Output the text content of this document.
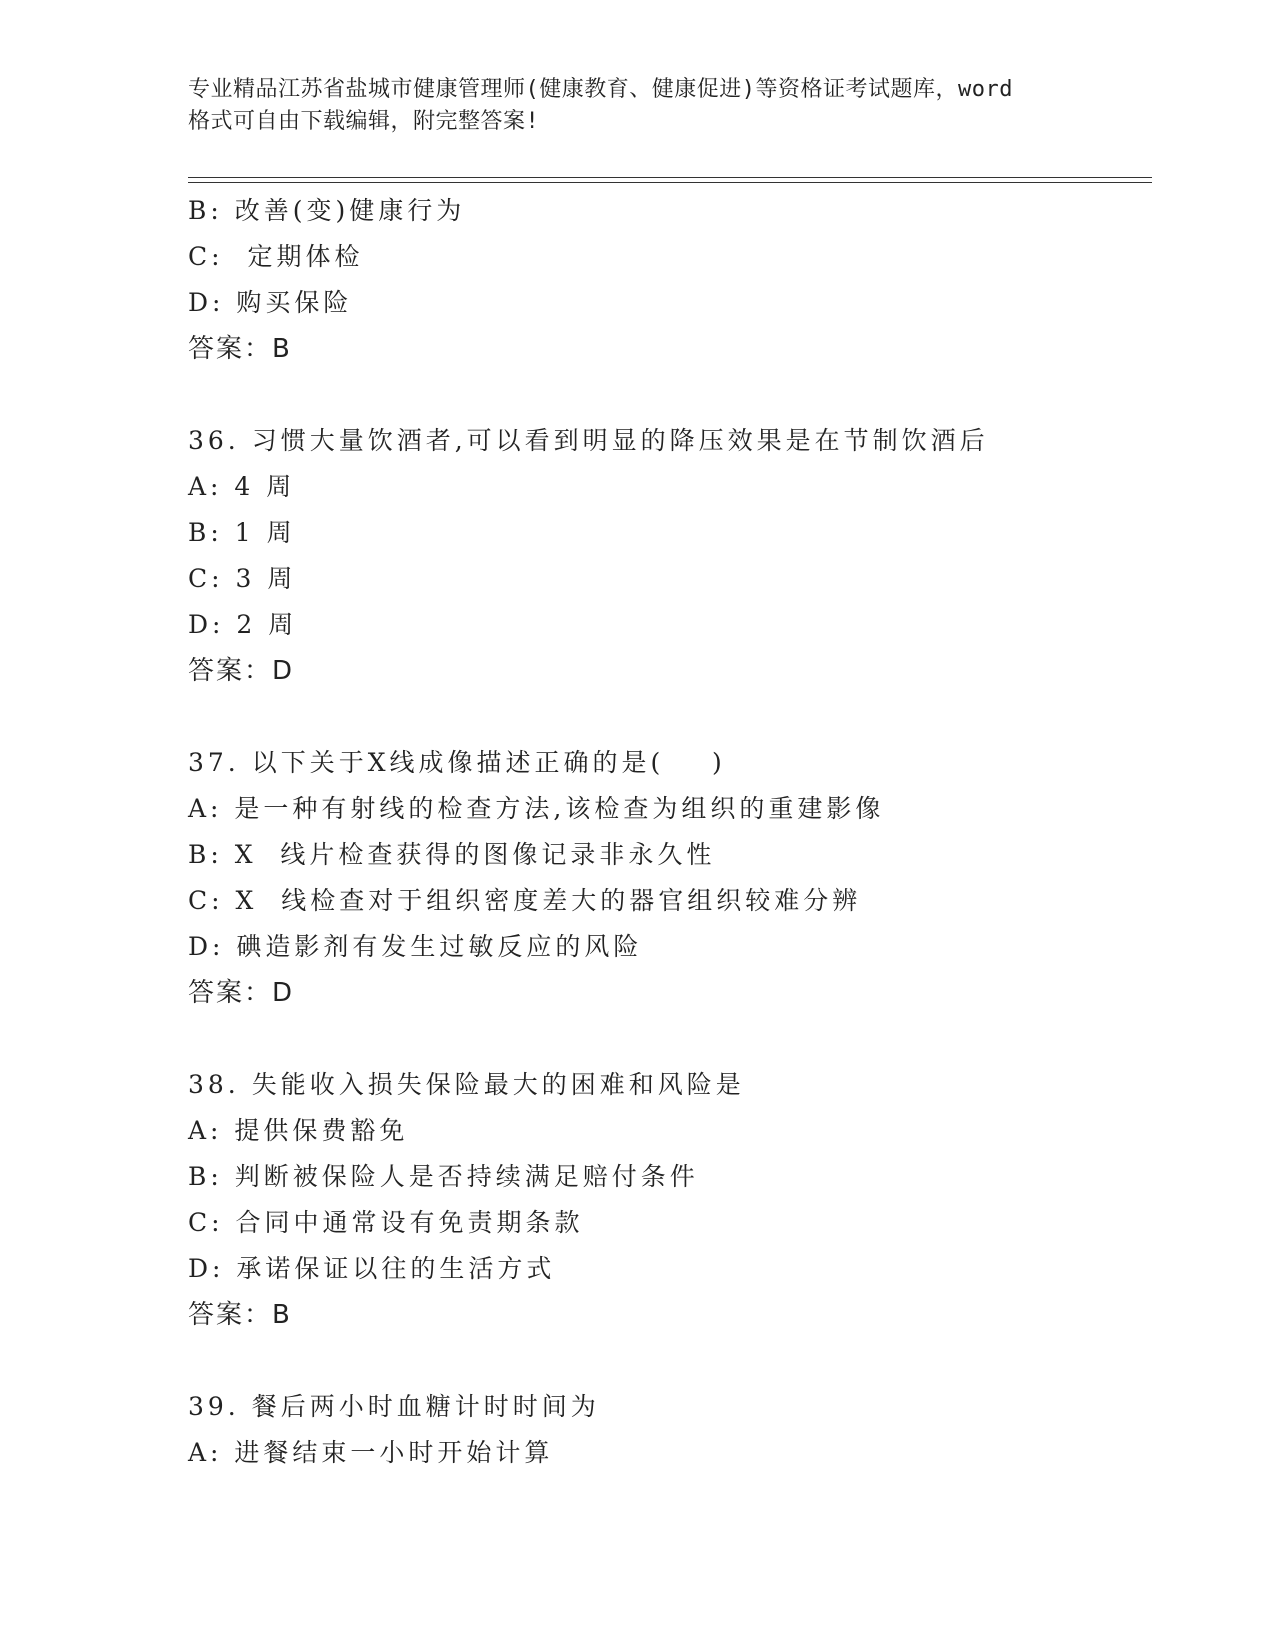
专业精品江苏省盐城市健康管理师(健康教育、健康促进)等资格证考试题库，word
格式可自由下载编辑，附完整答案!
B: 改善(变)健康行为
C:  定期体检
D: 购买保险
答案：B
36. 习惯大量饮酒者,可以看到明显的降压效果是在节制饮酒后
A: 4 周
B: 1 周
C: 3 周
D: 2 周
答案：D
37. 以下关于X线成像描述正确的是(    )
A: 是一种有射线的检查方法,该检查为组织的重建影像
B: X  线片检查获得的图像记录非永久性
C: X  线检查对于组织密度差大的器官组织较难分辨
D: 碘造影剂有发生过敏反应的风险
答案：D
38. 失能收入损失保险最大的困难和风险是
A: 提供保费豁免
B: 判断被保险人是否持续满足赔付条件
C: 合同中通常设有免责期条款
D: 承诺保证以往的生活方式
答案：B
39. 餐后两小时血糖计时时间为
A: 进餐结束一小时开始计算
